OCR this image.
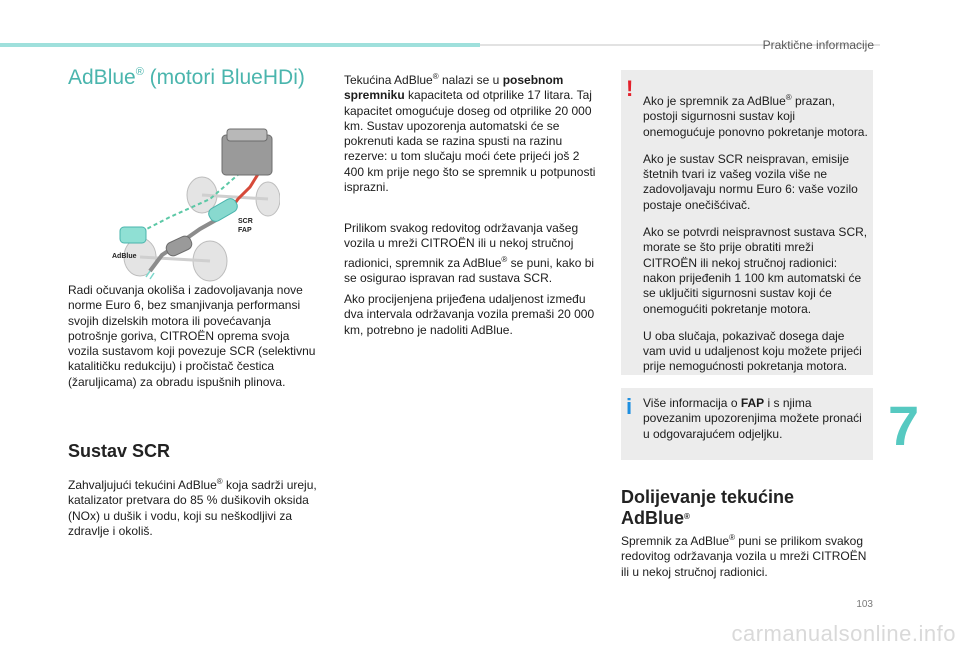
Praktične informacije
AdBlue® (motori BlueHDi)
SCR
FAP
AdBlue
Radi očuvanja okoliša i zadovoljavanja nove norme Euro 6, bez smanjivanja performansi svojih dizelskih motora ili povećavanja potrošnje goriva, CITROËN oprema svoja vozila sustavom koji povezuje SCR (selektivnu katalitičku redukciju) i pročistač čestica (žaruljicama) za obradu ispušnih plinova.
Sustav SCR
Zahvaljujući tekućini AdBlue® koja sadrži ureju, katalizator pretvara do 85 % dušikovih oksida (NOx) u dušik i vodu, koji su neškodljivi za zdravlje i okoliš.
Tekućina AdBlue® nalazi se u posebnom spremniku kapaciteta od otprilike 17 litara. Taj kapacitet omogućuje doseg od otprilike 20 000 km. Sustav upozorenja automatski će se pokrenuti kada se razina spusti na razinu rezerve: u tom slučaju moći ćete prijeći još 2 400 km prije nego što se spremnik u potpunosti isprazni.
Prilikom svakog redovitog održavanja vašeg vozila u mreži CITROËN ili u nekoj stručnoj radionici, spremnik za AdBlue® se puni, kako bi se osigurao ispravan rad sustava SCR.
Ako procijenjena prijeđena udaljenost između dva intervala održavanja vozila premaši 20 000 km, potrebno je nadoliti AdBlue.
! Ako je spremnik za AdBlue® prazan, postoji sigurnosni sustav koji onemogućuje ponovno pokretanje motora.

Ako je sustav SCR neispravan, emisije štetnih tvari iz vašeg vozila više ne zadovoljavaju normu Euro 6: vaše vozilo postaje onečišćivač.

Ako se potvrdi neispravnost sustava SCR, morate se što prije obratiti mreži CITROËN ili nekoj stručnoj radionici: nakon prijeđenih 1 100 km automatski će se uključiti sigurnosni sustav koji će onemogućiti pokretanje motora.

U oba slučaja, pokazivač dosega daje vam uvid u udaljenost koju možete prijeći prije nemogućnosti pokretanja motora.

i Više informacija o FAP i s njima povezanim upozorenjima možete pronaći u odgovarajućem odjeljku.
Dolijevanje tekućine
AdBlue®
Spremnik za AdBlue® puni se prilikom svakog redovitog održavanja vozila u mreži CITROËN ili u nekoj stručnoj radionici.
7
103
carmanualsonline.info
